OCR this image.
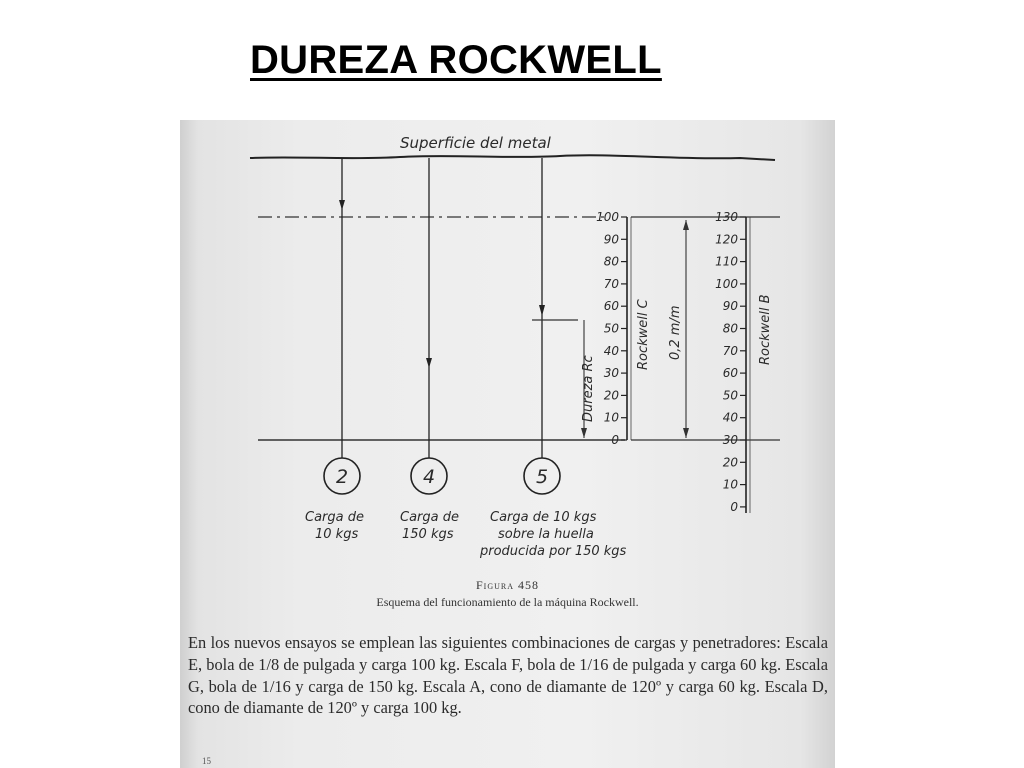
DUREZA ROCKWELL
Superficie del metal
2	4	5
Carga de
10 kgs
Carga de
150 kgs
Carga de 10 kgs
sobre la huella
producida por 150 kgs
Dureza Rc
100
90
80
70
60
50
40
30
20
10
0
Rockwell C 0,2 m/m
130
120
110
100
90
80
70
60
50
40
30
20
10
0
Rockwell B
Figura 458
Esquema del funcionamiento de la máquina Rockwell.
En los nuevos ensayos se emplean las siguientes combinaciones de cargas y penetradores: Escala E, bola de 1/8 de pulgada y carga 100 kg. Escala F, bola de 1/16 de pulgada y carga 60 kg. Escala G, bola de 1/16 y carga de 150 kg. Escala A, cono de diamante de 120º y carga 60 kg. Escala D, cono de diamante de 120º y carga 100 kg.
15
